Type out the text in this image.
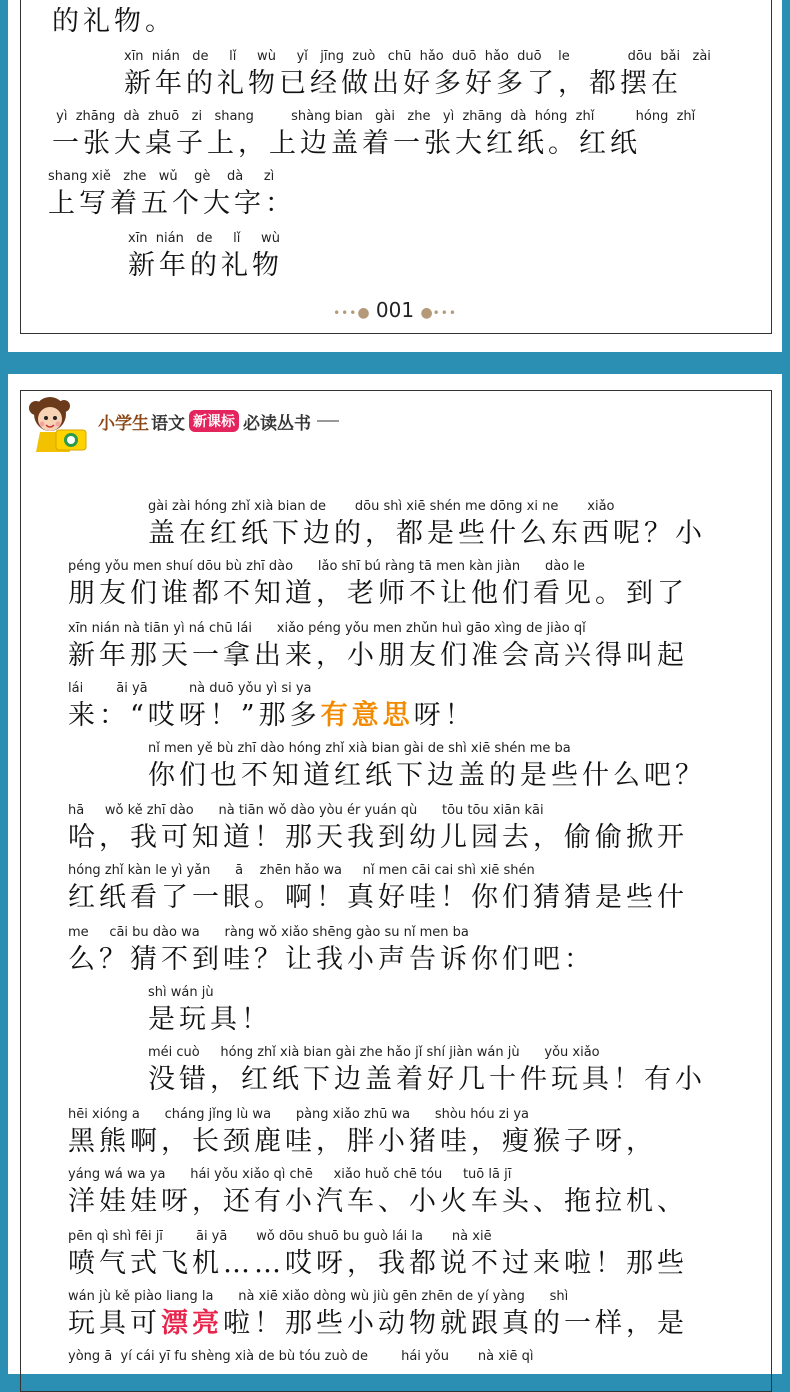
的礼物。
xīn  nián   de     lǐ     wù     yǐ   jīng  zuò   chū  hǎo  duō  hǎo  duō    le              dōu  bǎi   zài
新年的礼物已经做出好多好多了，都摆在
yì  zhāng  dà  zhuō   zi   shang         shàng bian   gài   zhe   yì  zhāng  dà  hóng  zhǐ          hóng  zhǐ
一张大桌子上，上边盖着一张大红纸。红纸
shang xiě   zhe   wǔ    gè    dà     zì
上写着五个大字：
xīn  nián   de     lǐ     wù
新年的礼物
•••● 001 ●•••
小学生 语文 新课标 必读丛书
gài zài hóng zhǐ xià bian de       dōu shì xiē shén me dōng xi ne       xiǎo
盖在红纸下边的，都是些什么东西呢？小
péng yǒu men shuí dōu bù zhī dào      lǎo shī bú ràng tā men kàn jiàn      dào le
朋友们谁都不知道，老师不让他们看见。到了
xīn nián nà tiān yì ná chū lái      xiǎo péng yǒu men zhǔn huì gāo xìng de jiào qǐ
新年那天一拿出来，小朋友们准会高兴得叫起
lái        āi yā          nà duō yǒu yì si ya
来：“哎呀！”那多有意思呀！
nǐ men yě bù zhī dào hóng zhǐ xià bian gài de shì xiē shén me ba
你们也不知道红纸下边盖的是些什么吧？
hā     wǒ kě zhī dào      nà tiān wǒ dào yòu ér yuán qù      tōu tōu xiān kāi
哈，我可知道！那天我到幼儿园去，偷偷掀开
hóng zhǐ kàn le yì yǎn      ā    zhēn hǎo wa     nǐ men cāi cai shì xiē shén
红纸看了一眼。啊！真好哇！你们猜猜是些什
me     cāi bu dào wa      ràng wǒ xiǎo shēng gào su nǐ men ba
么？猜不到哇？让我小声告诉你们吧：
shì wán jù
是玩具！
méi cuò     hóng zhǐ xià bian gài zhe hǎo jǐ shí jiàn wán jù      yǒu xiǎo
没错，红纸下边盖着好几十件玩具！有小
hēi xióng a      cháng jǐng lù wa      pàng xiǎo zhū wa      shòu hóu zi ya
黑熊啊，长颈鹿哇，胖小猪哇，瘦猴子呀，
yáng wá wa ya      hái yǒu xiǎo qì chē     xiǎo huǒ chē tóu     tuō lā jī
洋娃娃呀，还有小汽车、小火车头、拖拉机、
pēn qì shì fēi jī        āi yā       wǒ dōu shuō bu guò lái la       nà xiē
喷气式飞机……哎呀，我都说不过来啦！那些
wán jù kě piào liang la      nà xiē xiǎo dòng wù jiù gēn zhēn de yí yàng      shì
玩具可漂亮啦！那些小动物就跟真的一样，是
yòng ā  yí cái yī fu shèng xià de bù tóu zuò de        hái yǒu       nà xiē qì
